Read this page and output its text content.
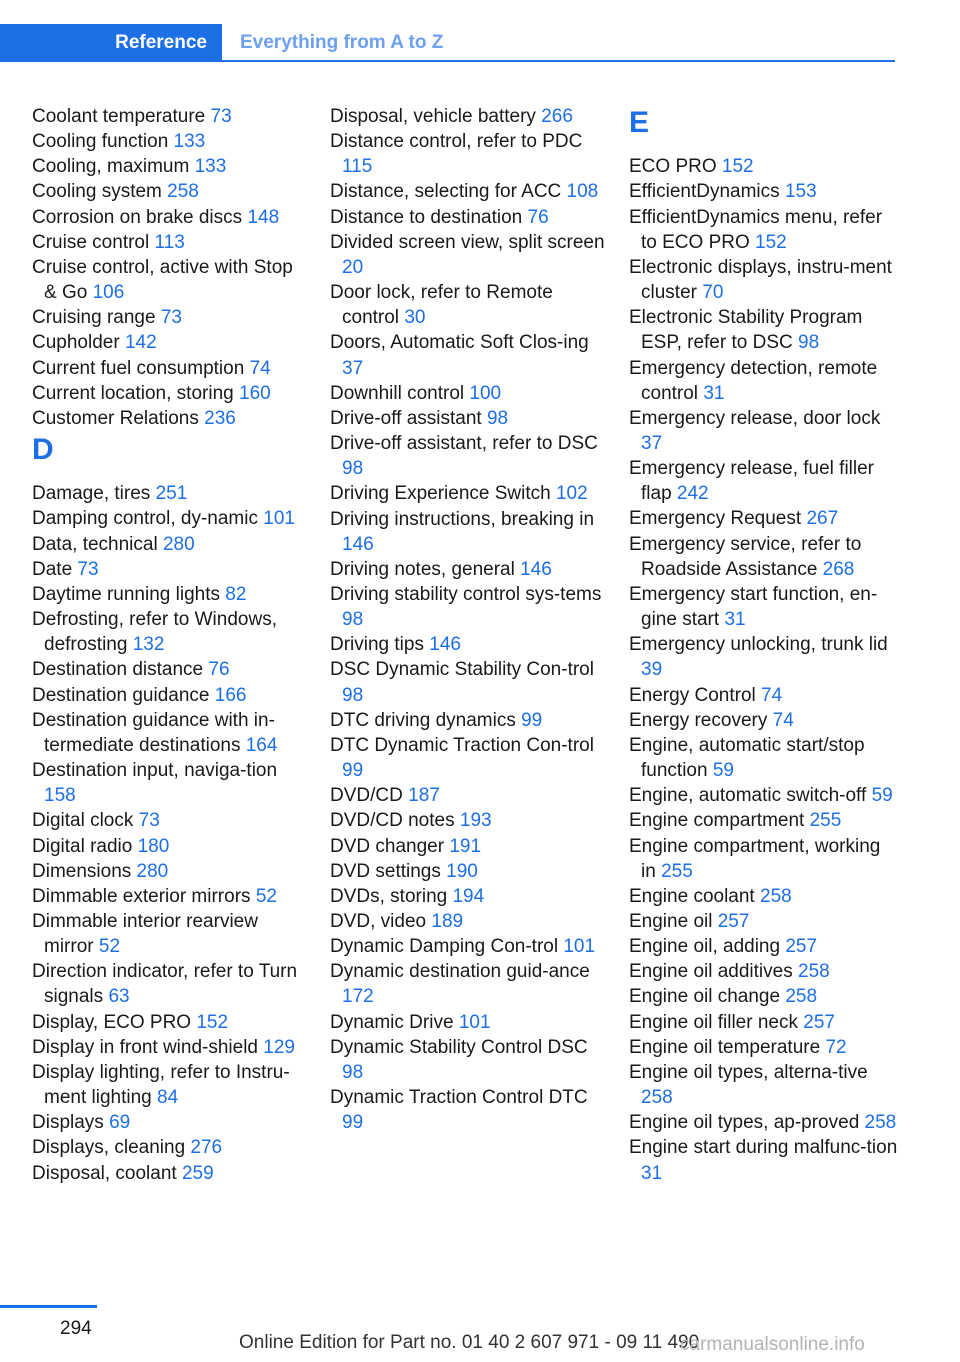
Reference	Everything from A to Z
Coolant temperature 73
Cooling function 133
Cooling, maximum 133
Cooling system 258
Corrosion on brake discs 148
Cruise control 113
Cruise control, active with Stop & Go 106
Cruising range 73
Cupholder 142
Current fuel consumption 74
Current location, storing 160
Customer Relations 236
D
Damage, tires 251
Damping control, dy‐namic 101
Data, technical 280
Date 73
Daytime running lights 82
Defrosting, refer to Windows, defrosting 132
Destination distance 76
Destination guidance 166
Destination guidance with in‐termediate destinations 164
Destination input, naviga‐tion 158
Digital clock 73
Digital radio 180
Dimensions 280
Dimmable exterior mirrors 52
Dimmable interior rearview mirror 52
Direction indicator, refer to Turn signals 63
Display, ECO PRO 152
Display in front wind‐shield 129
Display lighting, refer to Instru‐ment lighting 84
Displays 69
Displays, cleaning 276
Disposal, coolant 259
Disposal, vehicle battery 266
Distance control, refer to PDC 115
Distance, selecting for ACC 108
Distance to destination 76
Divided screen view, split screen 20
Door lock, refer to Remote control 30
Doors, Automatic Soft Clos‐ing 37
Downhill control 100
Drive-off assistant 98
Drive-off assistant, refer to DSC 98
Driving Experience Switch 102
Driving instructions, breaking in 146
Driving notes, general 146
Driving stability control sys‐tems 98
Driving tips 146
DSC Dynamic Stability Con‐trol 98
DTC driving dynamics 99
DTC Dynamic Traction Con‐trol 99
DVD/CD 187
DVD/CD notes 193
DVD changer 191
DVD settings 190
DVDs, storing 194
DVD, video 189
Dynamic Damping Con‐trol 101
Dynamic destination guid‐ance 172
Dynamic Drive 101
Dynamic Stability Control DSC 98
Dynamic Traction Control DTC 99
E
ECO PRO 152
EfficientDynamics 153
EfficientDynamics menu, refer to ECO PRO 152
Electronic displays, instru‐ment cluster 70
Electronic Stability Program ESP, refer to DSC 98
Emergency detection, remote control 31
Emergency release, door lock 37
Emergency release, fuel filler flap 242
Emergency Request 267
Emergency service, refer to Roadside Assistance 268
Emergency start function, en‐gine start 31
Emergency unlocking, trunk lid 39
Energy Control 74
Energy recovery 74
Engine, automatic start/stop function 59
Engine, automatic switch-off 59
Engine compartment 255
Engine compartment, working in 255
Engine coolant 258
Engine oil 257
Engine oil, adding 257
Engine oil additives 258
Engine oil change 258
Engine oil filler neck 257
Engine oil temperature 72
Engine oil types, alterna‐tive 258
Engine oil types, ap‐proved 258
Engine start during malfunc‐tion 31
294
Online Edition for Part no. 01 40 2 607 971 - 09 11 490
carmanualsonline.info
